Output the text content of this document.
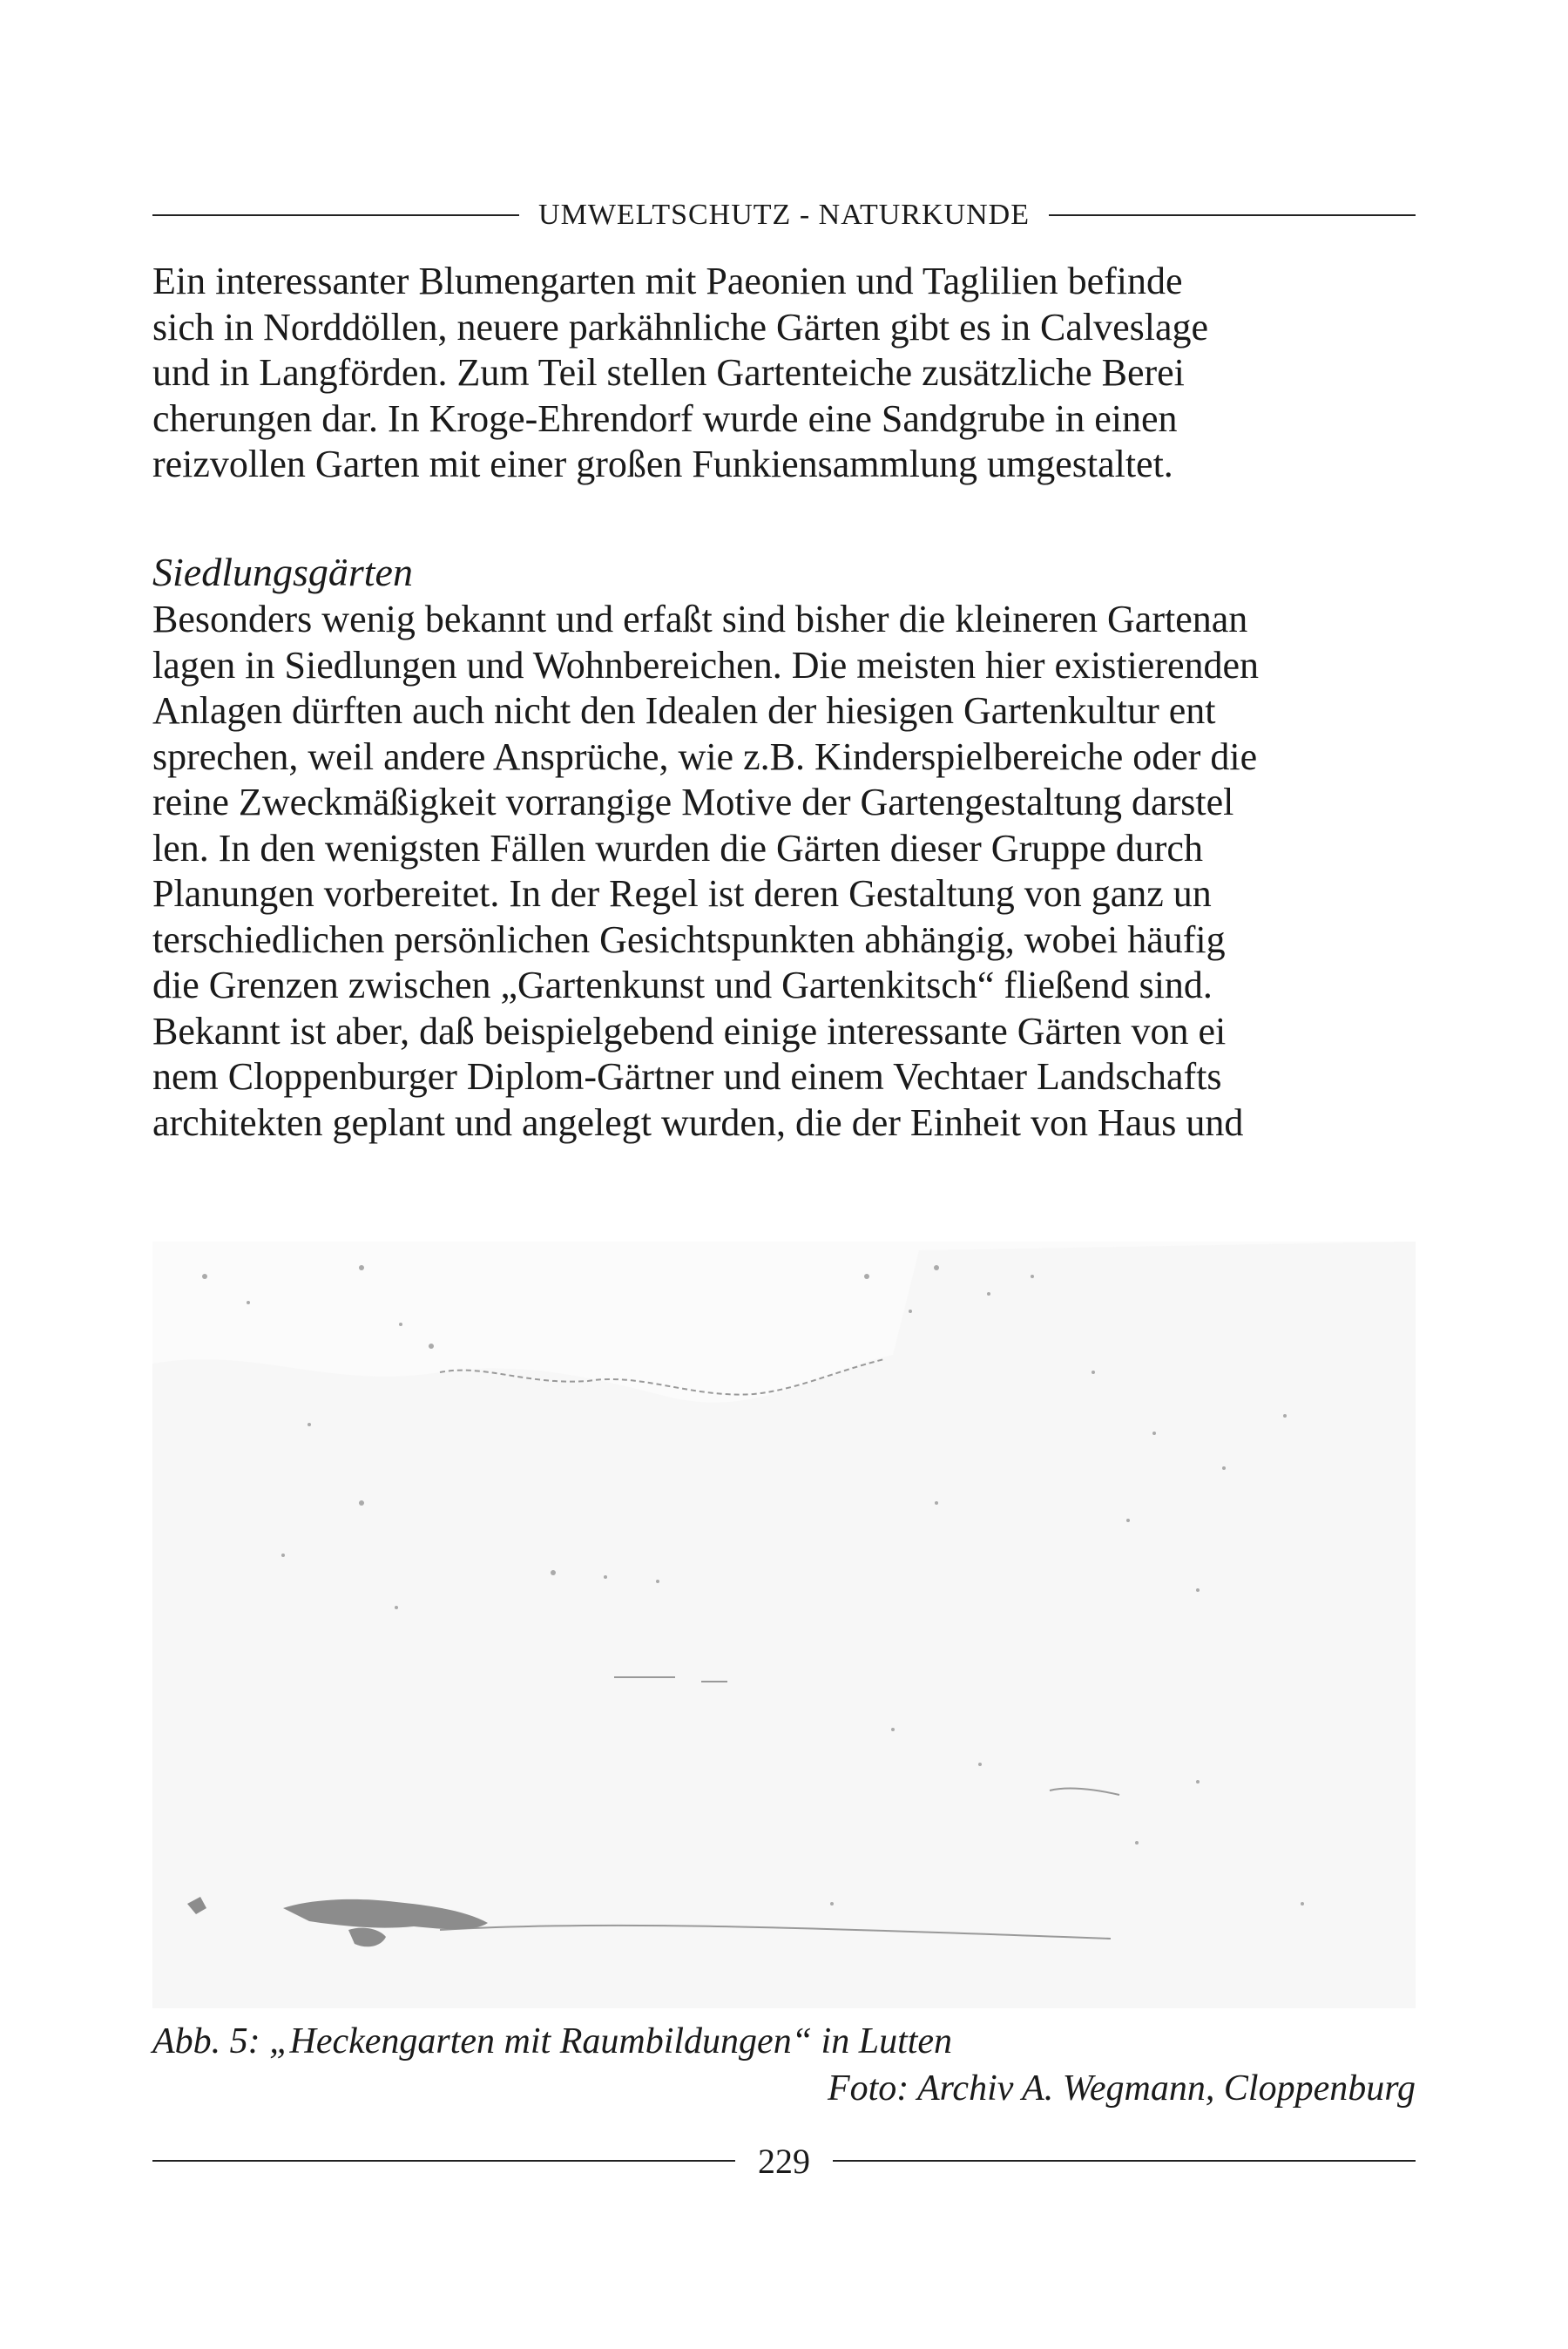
UMWELTSCHUTZ - NATURKUNDE
Ein interessanter Blumengarten mit Paeonien und Taglilien befinde
sich in Norddöllen, neuere parkähnliche Gärten gibt es in Calveslage
und in Langförden. Zum Teil stellen Gartenteiche zusätzliche Berei
cherungen dar. In Kroge-Ehrendorf wurde eine Sandgrube in einen
reizvollen Garten mit einer großen Funkiensammlung umgestaltet.
Siedlungsgärten
Besonders wenig bekannt und erfaßt sind bisher die kleineren Gartenan
lagen in Siedlungen und Wohnbereichen. Die meisten hier existierenden
Anlagen dürften auch nicht den Idealen der hiesigen Gartenkultur ent
sprechen, weil andere Ansprüche, wie z.B. Kinderspielbereiche oder die
reine Zweckmäßigkeit vorrangige Motive der Gartengestaltung darstel
len. In den wenigsten Fällen wurden die Gärten dieser Gruppe durch
Planungen vorbereitet. In der Regel ist deren Gestaltung von ganz un
terschiedlichen persönlichen Gesichtspunkten abhängig, wobei häufig
die Grenzen zwischen „Gartenkunst und Gartenkitsch“ fließend sind.
Bekannt ist aber, daß beispielgebend einige interessante Gärten von ei
nem Cloppenburger Diplom-Gärtner und einem Vechtaer Landschafts
architekten geplant und angelegt wurden, die der Einheit von Haus und
Abb. 5: „Heckengarten mit Raumbildungen“ in Lutten
Foto: Archiv A. Wegmann, Cloppenburg
229
